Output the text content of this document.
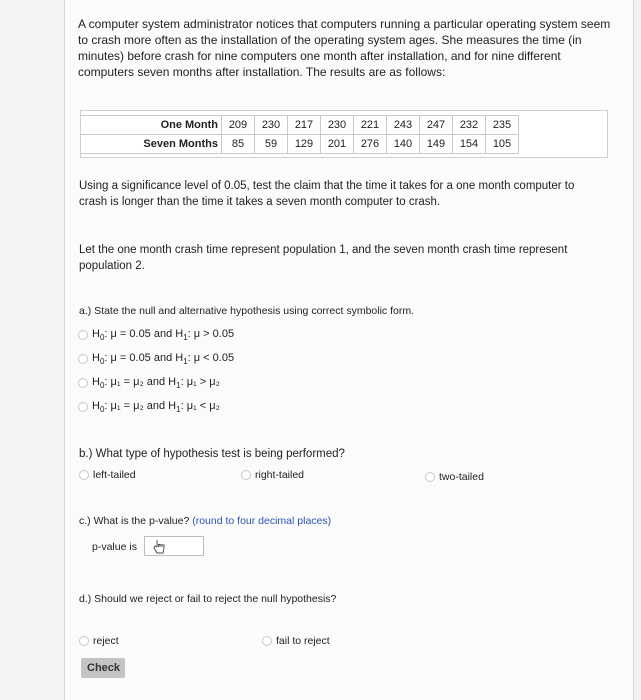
A computer system administrator notices that computers running a particular operating system seem to crash more often as the installation of the operating system ages. She measures the time (in minutes) before crash for nine computers one month after installation, and for nine different computers seven months after installation. The results are as follows:
One Month	209	230	217	230	221	243	247	232	235
Seven Months	85	59	129	201	276	140	149	154	105
Using a significance level of 0.05, test the claim that the time it takes for a one month computer to crash is longer than the time it takes a seven month computer to crash.
Let the one month crash time represent population 1, and the seven month crash time represent population 2.
a.) State the null and alternative hypothesis using correct symbolic form.
$H_0$: μ = 0.05 and $H_1$: μ > 0.05
$H_0$: μ = 0.05 and $H_1$: μ < 0.05
$H_0$: μ₁ = μ₂ and $H_1$: μ₁ > μ₂
$H_0$: μ₁ = μ₂ and $H_1$: μ₁ < μ₂
b.) What type of hypothesis test is being performed?
left-tailed	right-tailed	two-tailed
c.) What is the p-value? (round to four decimal places)
p-value is
d.) Should we reject or fail to reject the null hypothesis?
reject	fail to reject
Check
